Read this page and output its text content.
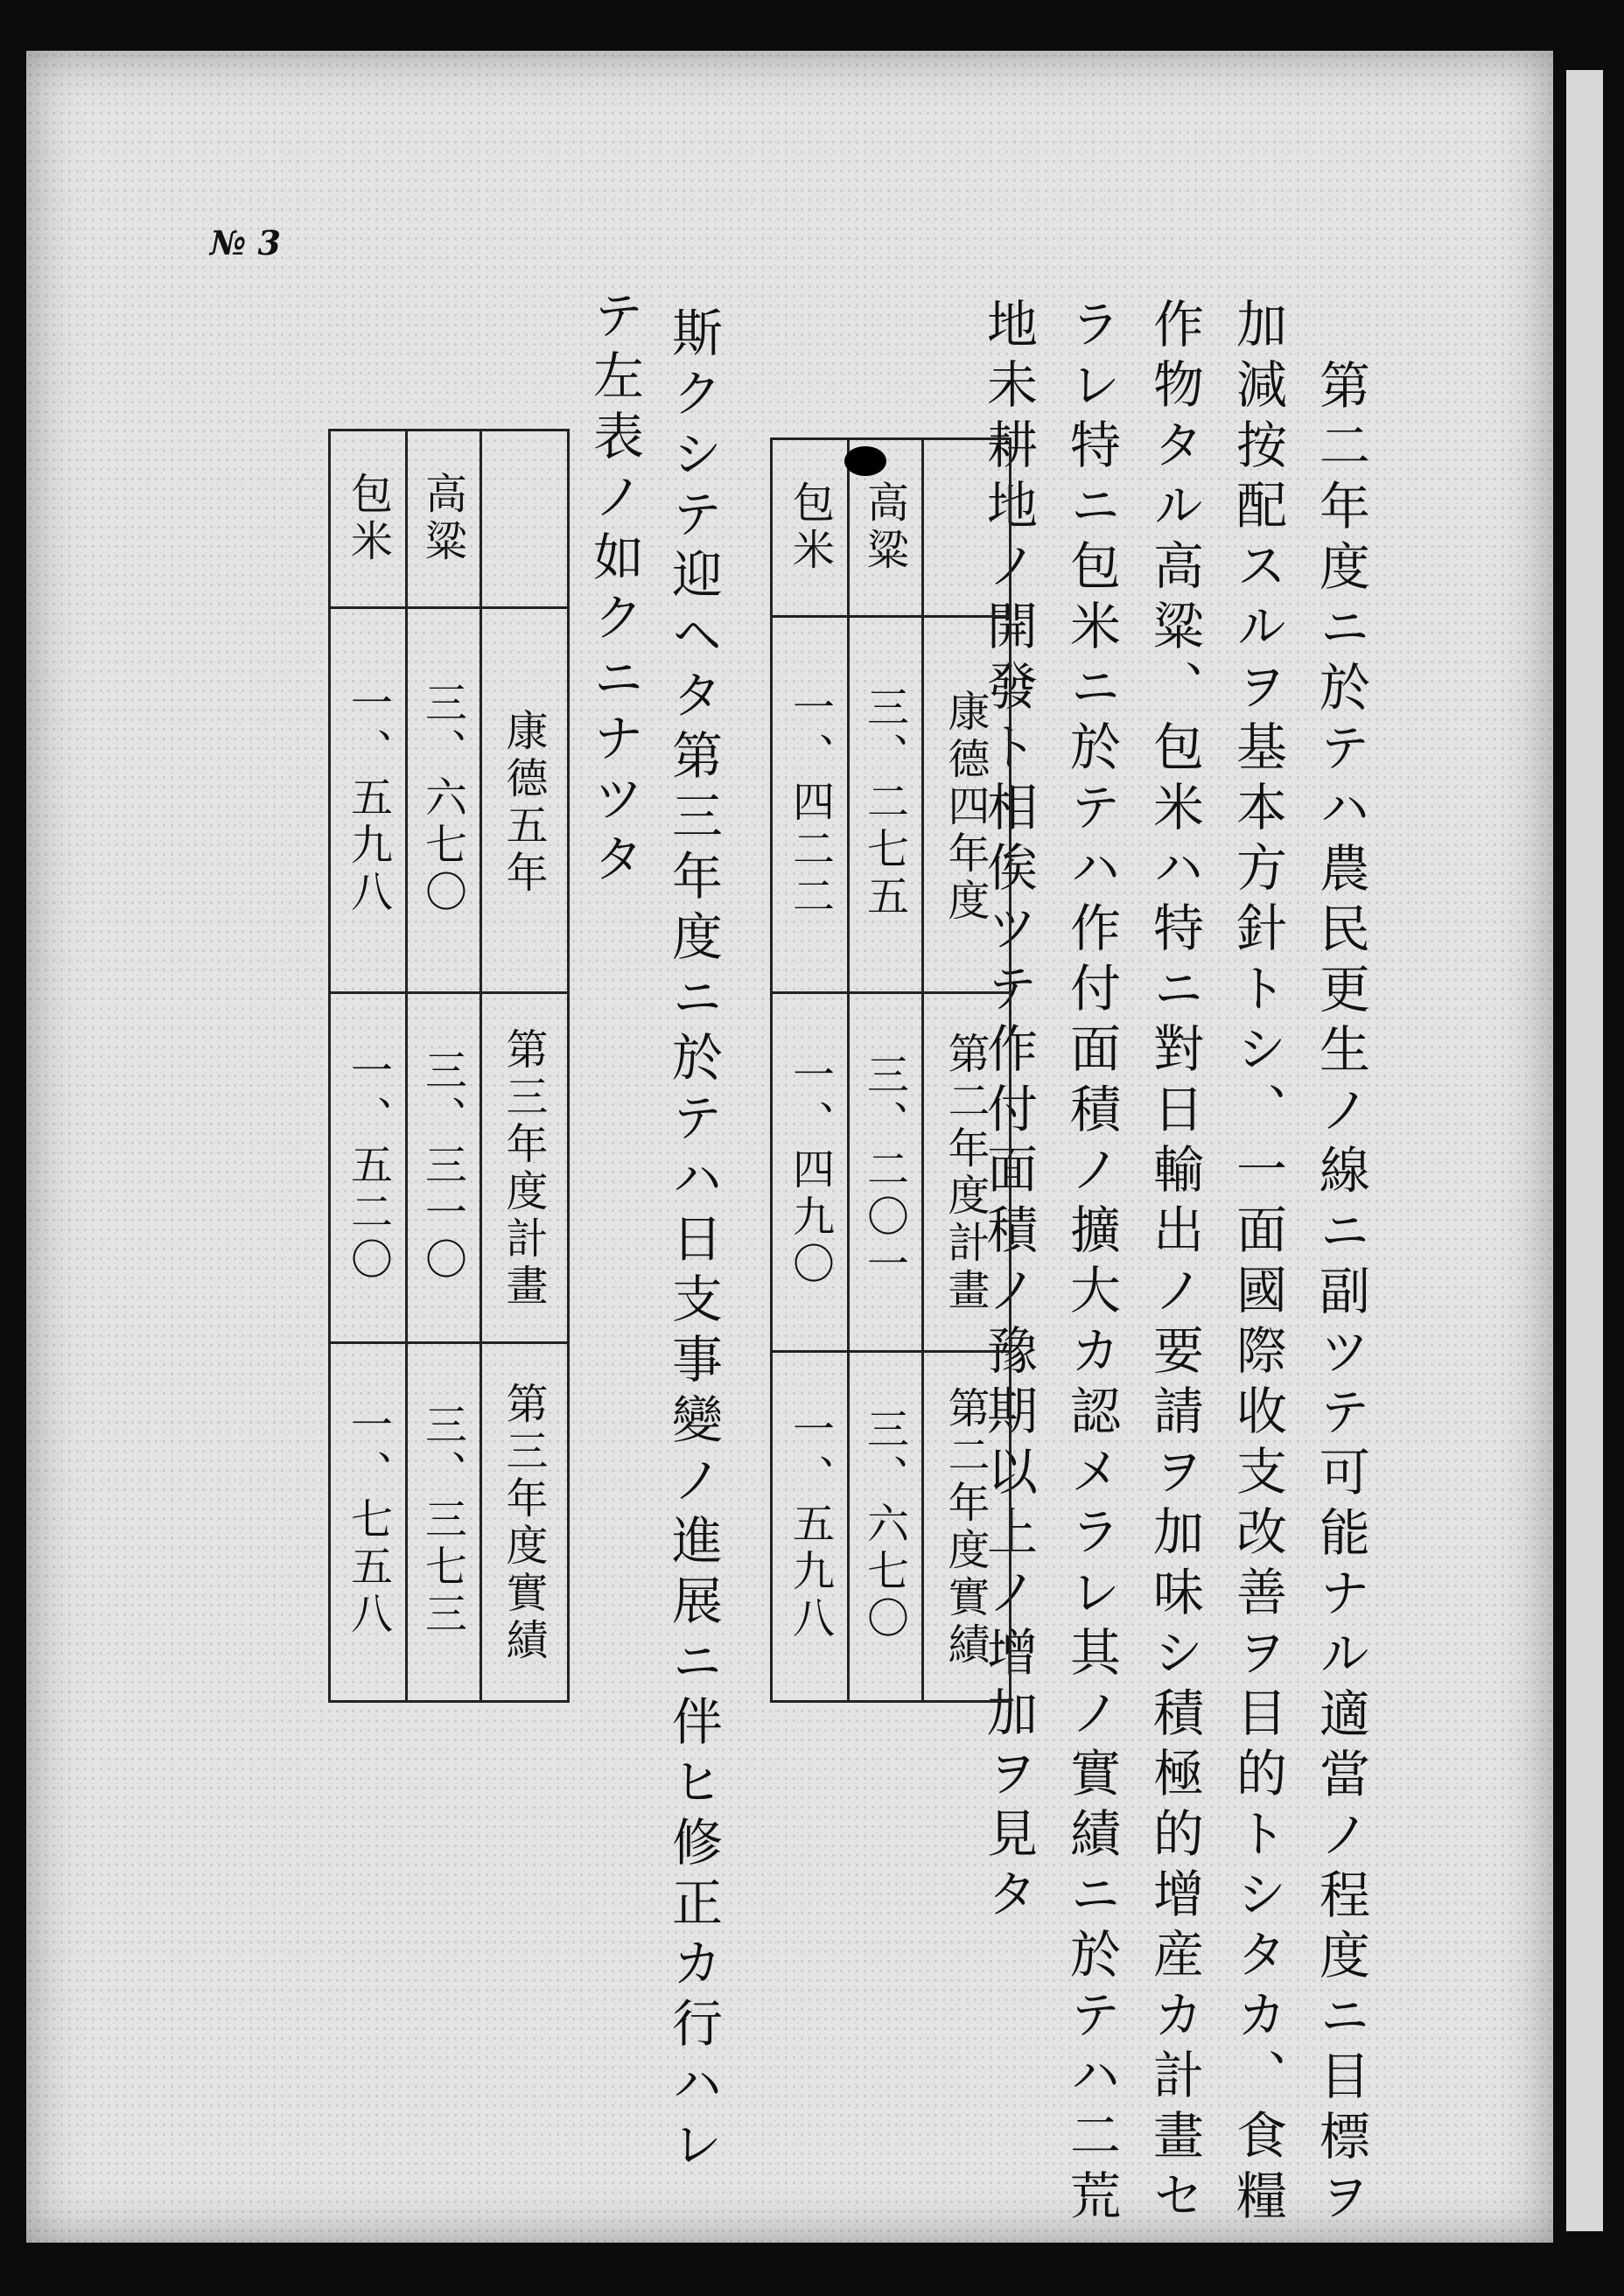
№ 3
第二年度ニ於テハ農民更生ノ線ニ副ツテ可能ナル適當ノ程度ニ目標ヲ
加減按配スルヲ基本方針トシ、一面國際收支改善ヲ目的トシタカ、食糧
作物タル高粱、包米ハ特ニ對日輸出ノ要請ヲ加味シ積極的增産カ計畫セ
ラレ特ニ包米ニ於テハ作付面積ノ擴大カ認メラレ其ノ實績ニ於テハ二荒
地未耕地ノ開發ト相俟ツテ作付面積ノ豫期以上ノ增加ヲ見タ
康德四年度
第二年度計畫
第二年度實績
高粱
三、二七五
三、二〇一
三、六七〇
包米
一、四二二
一、四九〇
一、五九八
斯クシテ迎ヘタ第三年度ニ於テハ日支事變ノ進展ニ伴ヒ修正カ行ハレ
テ左表ノ如クニナツタ
康德五年
第三年度計畫
第三年度實績
高粱
三、六七〇
三、三一〇
三、三七三
包米
一、五九八
一、五二〇
一、七五八
